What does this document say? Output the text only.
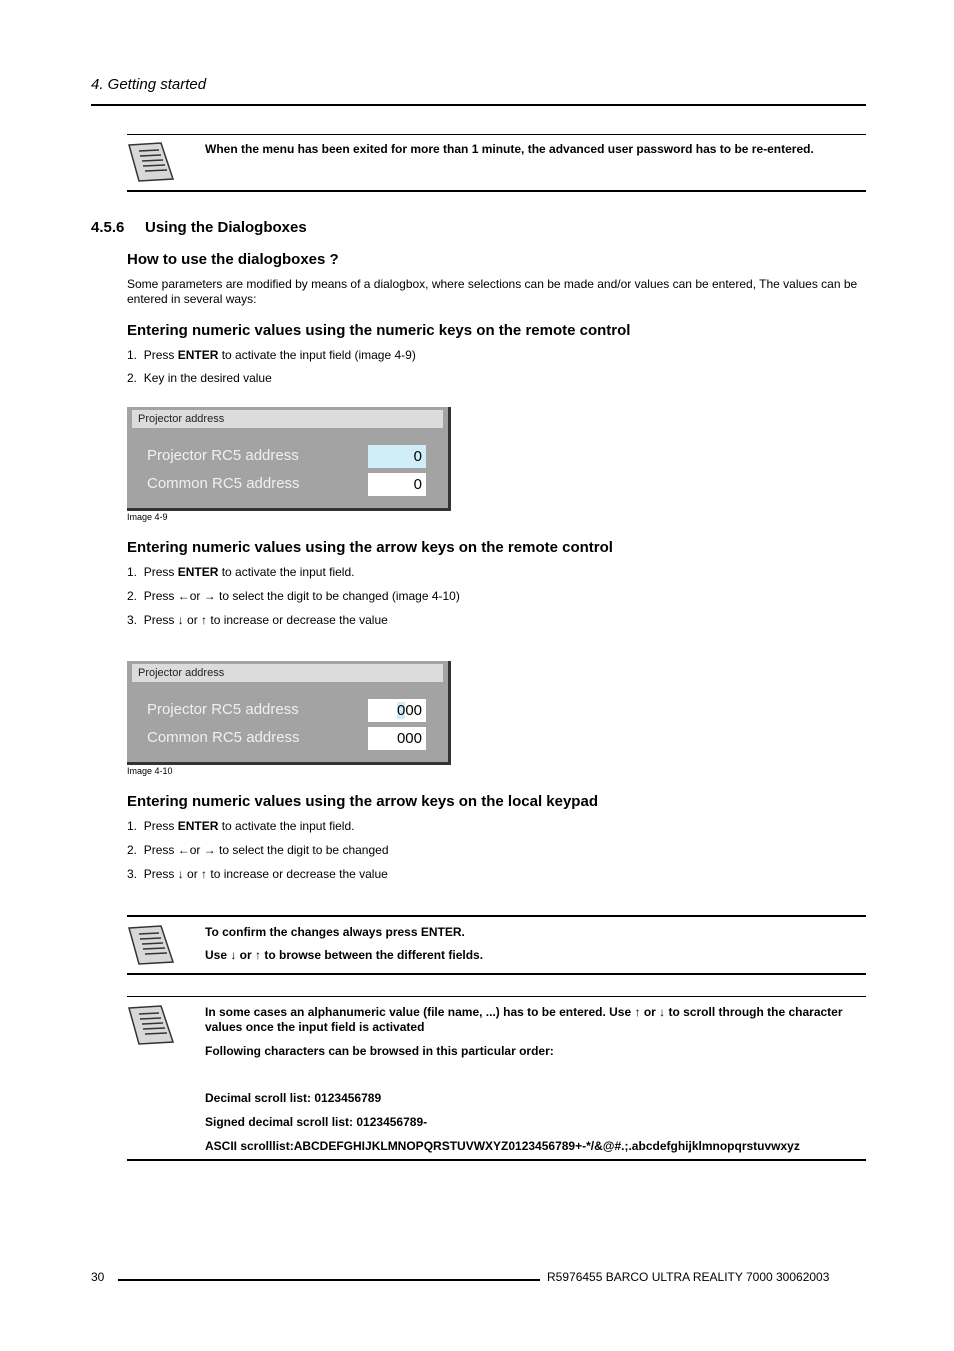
4. Getting started
When the menu has been exited for more than 1 minute, the advanced user password has to be re-entered.
4.5.6 Using the Dialogboxes
How to use the dialogboxes ?
Some parameters are modified by means of a dialogbox, where selections can be made and/or values can be entered, The values can be entered in several ways:
Entering numeric values using the numeric keys on the remote control
1. Press ENTER to activate the input field (image 4-9)
2. Key in the desired value
Projector address
Projector RC5 address	0
Common RC5 address	0
Image 4-9
Entering numeric values using the arrow keys on the remote control
1. Press ENTER to activate the input field.
2. Press ←or → to select the digit to be changed (image 4-10)
3. Press ↓ or ↑ to increase or decrease the value
Projector address
Projector RC5 address	000
Common RC5 address	000
Image 4-10
Entering numeric values using the arrow keys on the local keypad
1. Press ENTER to activate the input field.
2. Press ←or → to select the digit to be changed
3. Press ↓ or ↑ to increase or decrease the value
To confirm the changes always press ENTER.
Use ↓ or ↑ to browse between the different fields.
In some cases an alphanumeric value (file name, ...) has to be entered. Use ↑ or ↓ to scroll through the character values once the input field is activated
Following characters can be browsed in this particular order:
Decimal scroll list: 0123456789
Signed decimal scroll list: 0123456789-
ASCII scrolllist:ABCDEFGHIJKLMNOPQRSTUVWXYZ0123456789+-*/&@#.;.abcdefghijklmnopqrstuvwxyz
30	R5976455 BARCO ULTRA REALITY 7000 30062003
